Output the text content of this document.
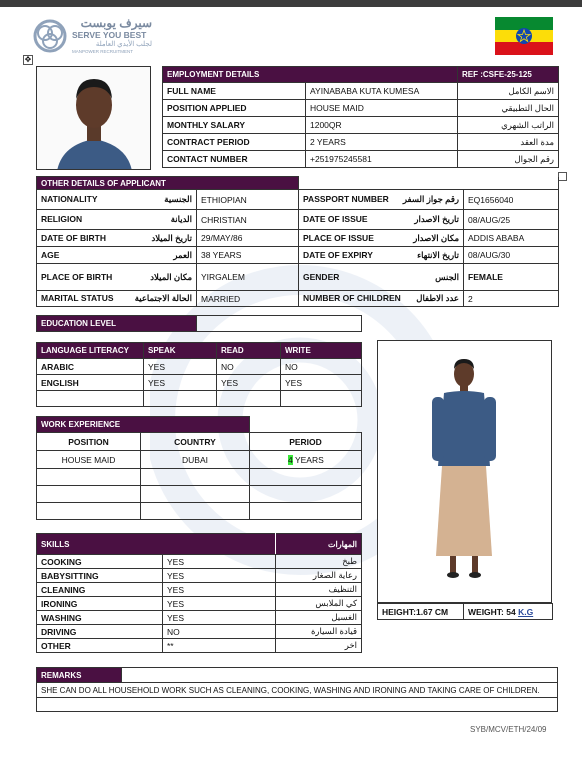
سيرف يوبست
SERVE YOU BEST
لجلب الأيدي العاملة
MANPOWER RECRUITMENT
✥
EMPLOYMENT DETAILS		REF :CSFE-25-125
FULL NAME	AYINABABA KUTA KUMESA	الاسم الكامل
POSITION APPLIED	HOUSE MAID	الحال التطبيقي
MONTHLY SALARY	1200QR	الراتب الشهري
CONTRACT PERIOD	2 YEARS	مدة العقد
CONTACT NUMBER	+251975245581	رقم الجوال
OTHER DETAILS OF APPLICANT			
NATIONALITY الجنسية	ETHIOPIAN	PASSPORT NUMBER رقم جواز السفر	EQ1656040
RELIGION الديانة	CHRISTIAN	DATE OF ISSUE تاريخ الاصدار	08/AUG/25
DATE OF BIRTH تاريخ الميلاد	29/MAY/86	PLACE OF ISSUE مكان الاصدار	ADDIS ABABA
AGE العمر	38 YEARS	DATE OF EXPIRY تاريخ الانتهاء	08/AUG/30
PLACE OF BIRTH مكان الميلاد	YIRGALEM	GENDER الجنس	FEMALE
MARITAL STATUS الحالة الاجتماعية	MARRIED	NUMBER OF CHILDREN عدد الاطفال	2
EDUCATION LEVEL	
LANGUAGE LITERACY	SPEAK	READ	WRITE
ARABIC	YES	NO	NO
ENGLISH	YES	YES	YES

WORK EXPERIENCE		
POSITION	COUNTRY	PERIOD
HOUSE MAID	DUBAI	4 YEARS

SKILLS		المهارات
COOKING	YES	طبخ
BABYSITTING	YES	رعاية الصغار
CLEANING	YES	التنظيف
IRONING	YES	كي الملابس
WASHING	YES	الغسيل
DRIVING	NO	قيادة السيارة
OTHER	**	اخر
HEIGHT:1.67 CM	WEIGHT: 54 K.G
REMARKS	
SHE CAN DO ALL HOUSEHOLD WORK SUCH AS CLEANING, COOKING, WASHING AND IRONING AND TAKING CARE OF CHILDREN.

SYB/MCV/ETH/24/09
